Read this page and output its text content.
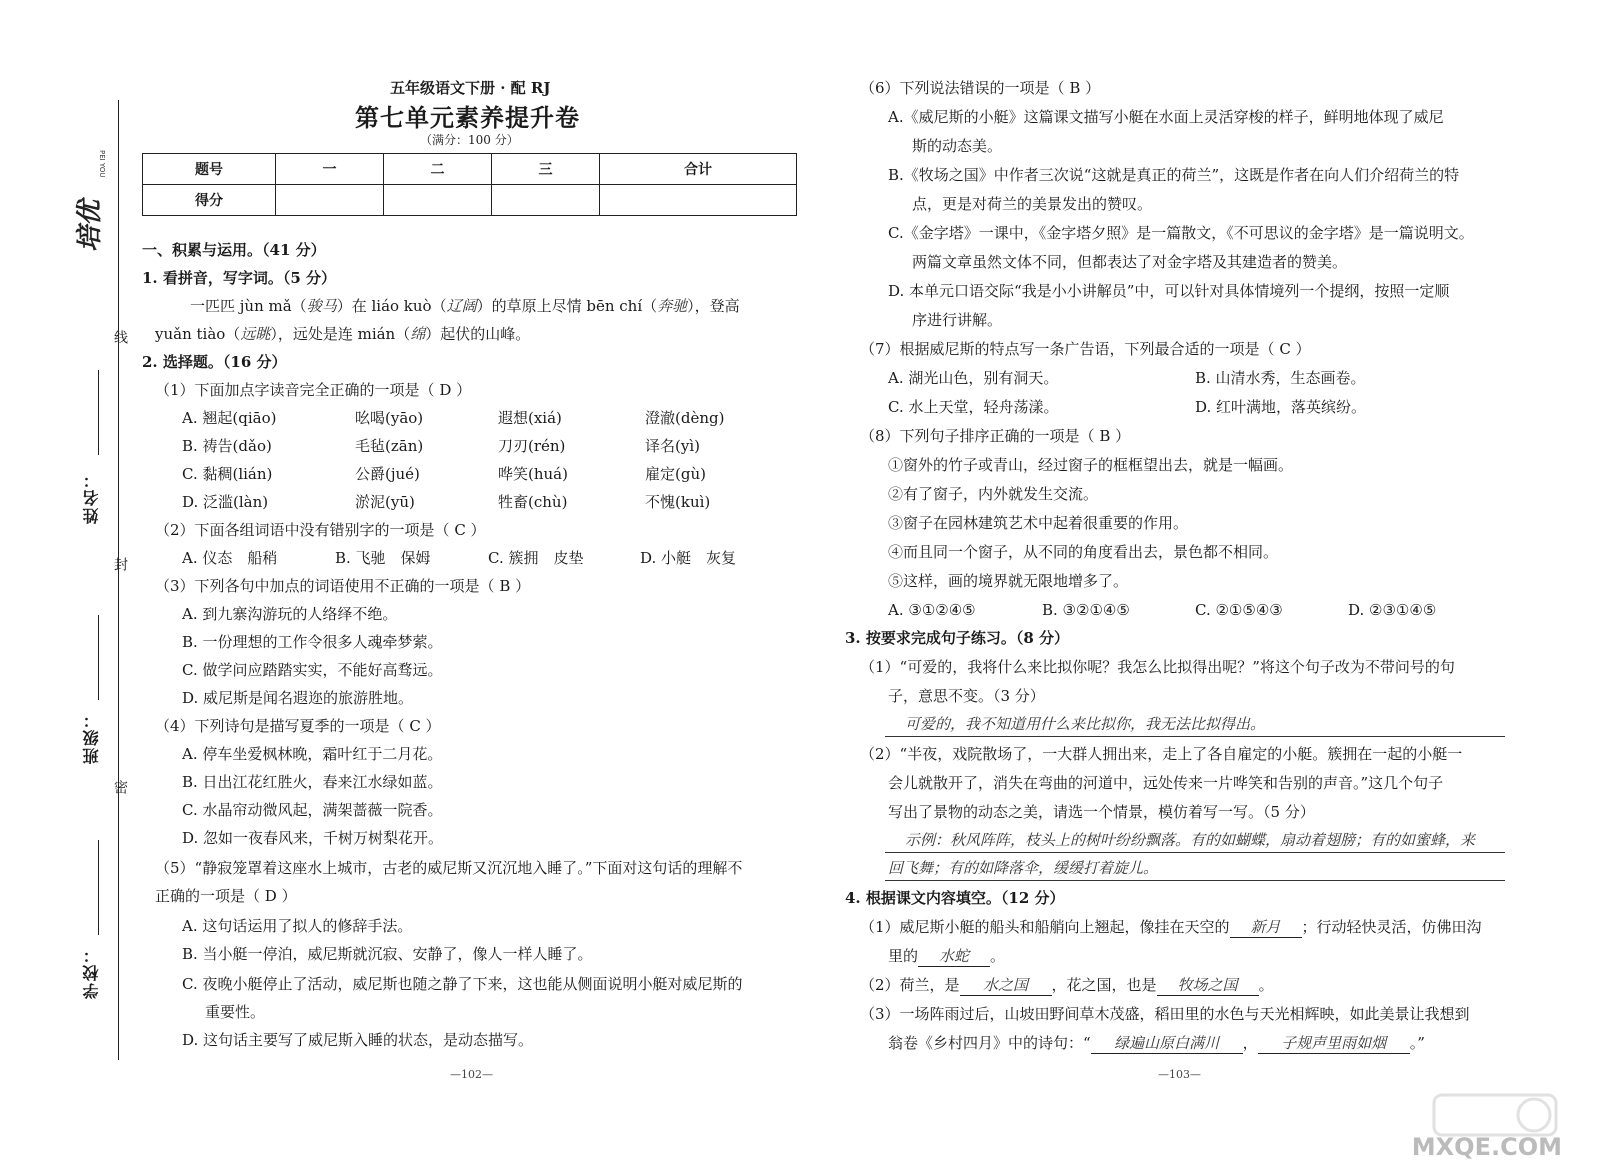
培优
PEI YOU
线
封
密
姓名：
班级：
学校：
五年级语文下册 · 配 RJ
第七单元素养提升卷
（满分：100 分）
题号	一	二	三	合计
得分				
一、积累与运用。（41 分）
1. 看拼音，写字词。（5 分）
一匹匹 jùn mǎ（骏马）在 liáo kuò（辽阔）的草原上尽情 bēn chí（奔驰），登高
yuǎn tiào（远眺），远处是连 mián（绵）起伏的山峰。
2. 选择题。（16 分）
（1）下面加点字读音完全正确的一项是（ D ）
A. 翘起(qiāo)	吆喝(yāo)	遐想(xiá)	澄澈(dèng)
B. 祷告(dǎo)	毛毡(zān)	刀刃(rén)	译名(yì)
C. 黏稠(lián)	公爵(jué)	哗笑(huá)	雇定(gù)
D. 泛滥(làn)	淤泥(yū)	牲畜(chù)	不愧(kuì)
（2）下面各组词语中没有错别字的一项是（ C ）
A. 仪态　船稍	B. 飞驰　保姆	C. 簇拥　皮垫	D. 小艇　灰复
（3）下列各句中加点的词语使用不正确的一项是（ B ）
A. 到九寨沟游玩的人络绎不绝。
B. 一份理想的工作令很多人魂牵梦萦。
C. 做学问应踏踏实实，不能好高骛远。
D. 威尼斯是闻名遐迩的旅游胜地。
（4）下列诗句是描写夏季的一项是（ C ）
A. 停车坐爱枫林晚，霜叶红于二月花。
B. 日出江花红胜火，春来江水绿如蓝。
C. 水晶帘动微风起，满架蔷薇一院香。
D. 忽如一夜春风来，千树万树梨花开。
（5）“静寂笼罩着这座水上城市，古老的威尼斯又沉沉地入睡了。”下面对这句话的理解不
正确的一项是（ D ）
A. 这句话运用了拟人的修辞手法。
B. 当小艇一停泊，威尼斯就沉寂、安静了，像人一样人睡了。
C. 夜晚小艇停止了活动，威尼斯也随之静了下来，这也能从侧面说明小艇对威尼斯的
重要性。
D. 这句话主要写了威尼斯入睡的状态，是动态描写。
—102—
（6）下列说法错误的一项是（ B ）
A.《威尼斯的小艇》这篇课文描写小艇在水面上灵活穿梭的样子，鲜明地体现了威尼
斯的动态美。
B.《牧场之国》中作者三次说“这就是真正的荷兰”，这既是作者在向人们介绍荷兰的特
点，更是对荷兰的美景发出的赞叹。
C.《金字塔》一课中，《金字塔夕照》是一篇散文，《不可思议的金字塔》是一篇说明文。
两篇文章虽然文体不同，但都表达了对金字塔及其建造者的赞美。
D. 本单元口语交际“我是小小讲解员”中，可以针对具体情境列一个提纲，按照一定顺
序进行讲解。
（7）根据威尼斯的特点写一条广告语，下列最合适的一项是（ C ）
A. 湖光山色，别有洞天。	B. 山清水秀，生态画卷。
C. 水上天堂，轻舟荡漾。	D. 红叶满地，落英缤纷。
（8）下列句子排序正确的一项是（ B ）
①窗外的竹子或青山，经过窗子的框框望出去，就是一幅画。
②有了窗子，内外就发生交流。
③窗子在园林建筑艺术中起着很重要的作用。
④而且同一个窗子，从不同的角度看出去，景色都不相同。
⑤这样，画的境界就无限地增多了。
A. ③①②④⑤	B. ③②①④⑤	C. ②①⑤④③	D. ②③①④⑤
3. 按要求完成句子练习。（8 分）
（1）“可爱的，我将什么来比拟你呢？我怎么比拟得出呢？”将这个句子改为不带问号的句
子，意思不变。（3 分）
可爱的，我不知道用什么来比拟你，我无法比拟得出。
（2）“半夜，戏院散场了，一大群人拥出来，走上了各自雇定的小艇。簇拥在一起的小艇一
会儿就散开了，消失在弯曲的河道中，远处传来一片哗笑和告别的声音。”这几个句子
写出了景物的动态之美，请选一个情景，模仿着写一写。（5 分）
示例：秋风阵阵，枝头上的树叶纷纷飘落。有的如蝴蝶，扇动着翅膀；有的如蜜蜂，来
回飞舞；有的如降落伞，缓缓打着旋儿。
4. 根据课文内容填空。（12 分）
（1）威尼斯小艇的船头和船艄向上翘起，像挂在天空的 新月 ；行动轻快灵活，仿佛田沟
里的 水蛇 。
（2）荷兰，是 水之国 ，花之国，也是 牧场之国 。
（3）一场阵雨过后，山坡田野间草木茂盛，稻田里的水色与天光相辉映，如此美景让我想到
翁卷《乡村四月》中的诗句：“ 绿遍山原白满川 ， 子规声里雨如烟 。”
—103—
MXQE.COM
